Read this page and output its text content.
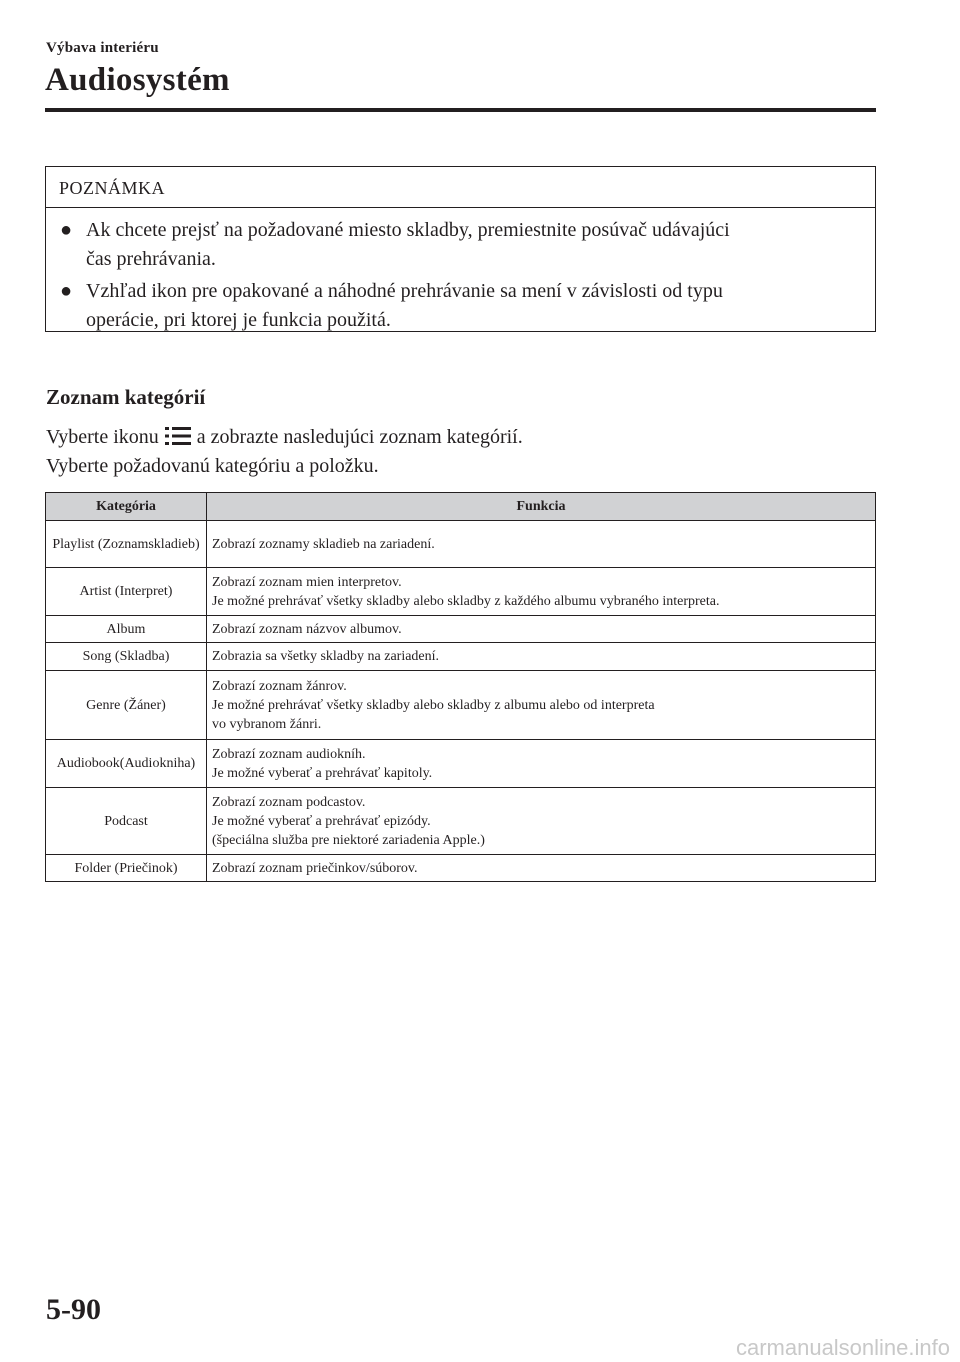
Výbava interiéru
Audiosystém
POZNÁMKA
● Ak chcete prejsť na požadované miesto skladby, premiestnite posúvač udávajúci
čas prehrávania.
● Vzhľad ikon pre opakované a náhodné prehrávanie sa mení v závislosti od typu
operácie, pri ktorej je funkcia použitá.
Zoznam kategórií
Vyberte ikonu a zobrazte nasledujúci zoznam kategórií.
Vyberte požadovanú kategóriu a položku.
Kategória	Funkcia
Playlist (Zoznamskladieb)	Zobrazí zoznamy skladieb na zariadení.

Artist (Interpret)	Zobrazí zoznam mien interpretov.
Je možné prehrávať všetky skladby alebo skladby z každého albumu vybraného interpreta.

Album	Zobrazí zoznam názvov albumov.

Song (Skladba)	Zobrazia sa všetky skladby na zariadení.

Genre (Žáner)	Zobrazí zoznam žánrov.
Je možné prehrávať všetky skladby alebo skladby z albumu alebo od interpreta
vo vybranom žánri.

Audiobook(Audiokniha)	Zobrazí zoznam audiokníh.
Je možné vyberať a prehrávať kapitoly.

Podcast	Zobrazí zoznam podcastov.
Je možné vyberať a prehrávať epizódy.
(špeciálna služba pre niektoré zariadenia Apple.)

Folder (Priečinok)	Zobrazí zoznam priečinkov/súborov.
5-90
carmanualsonline.info
